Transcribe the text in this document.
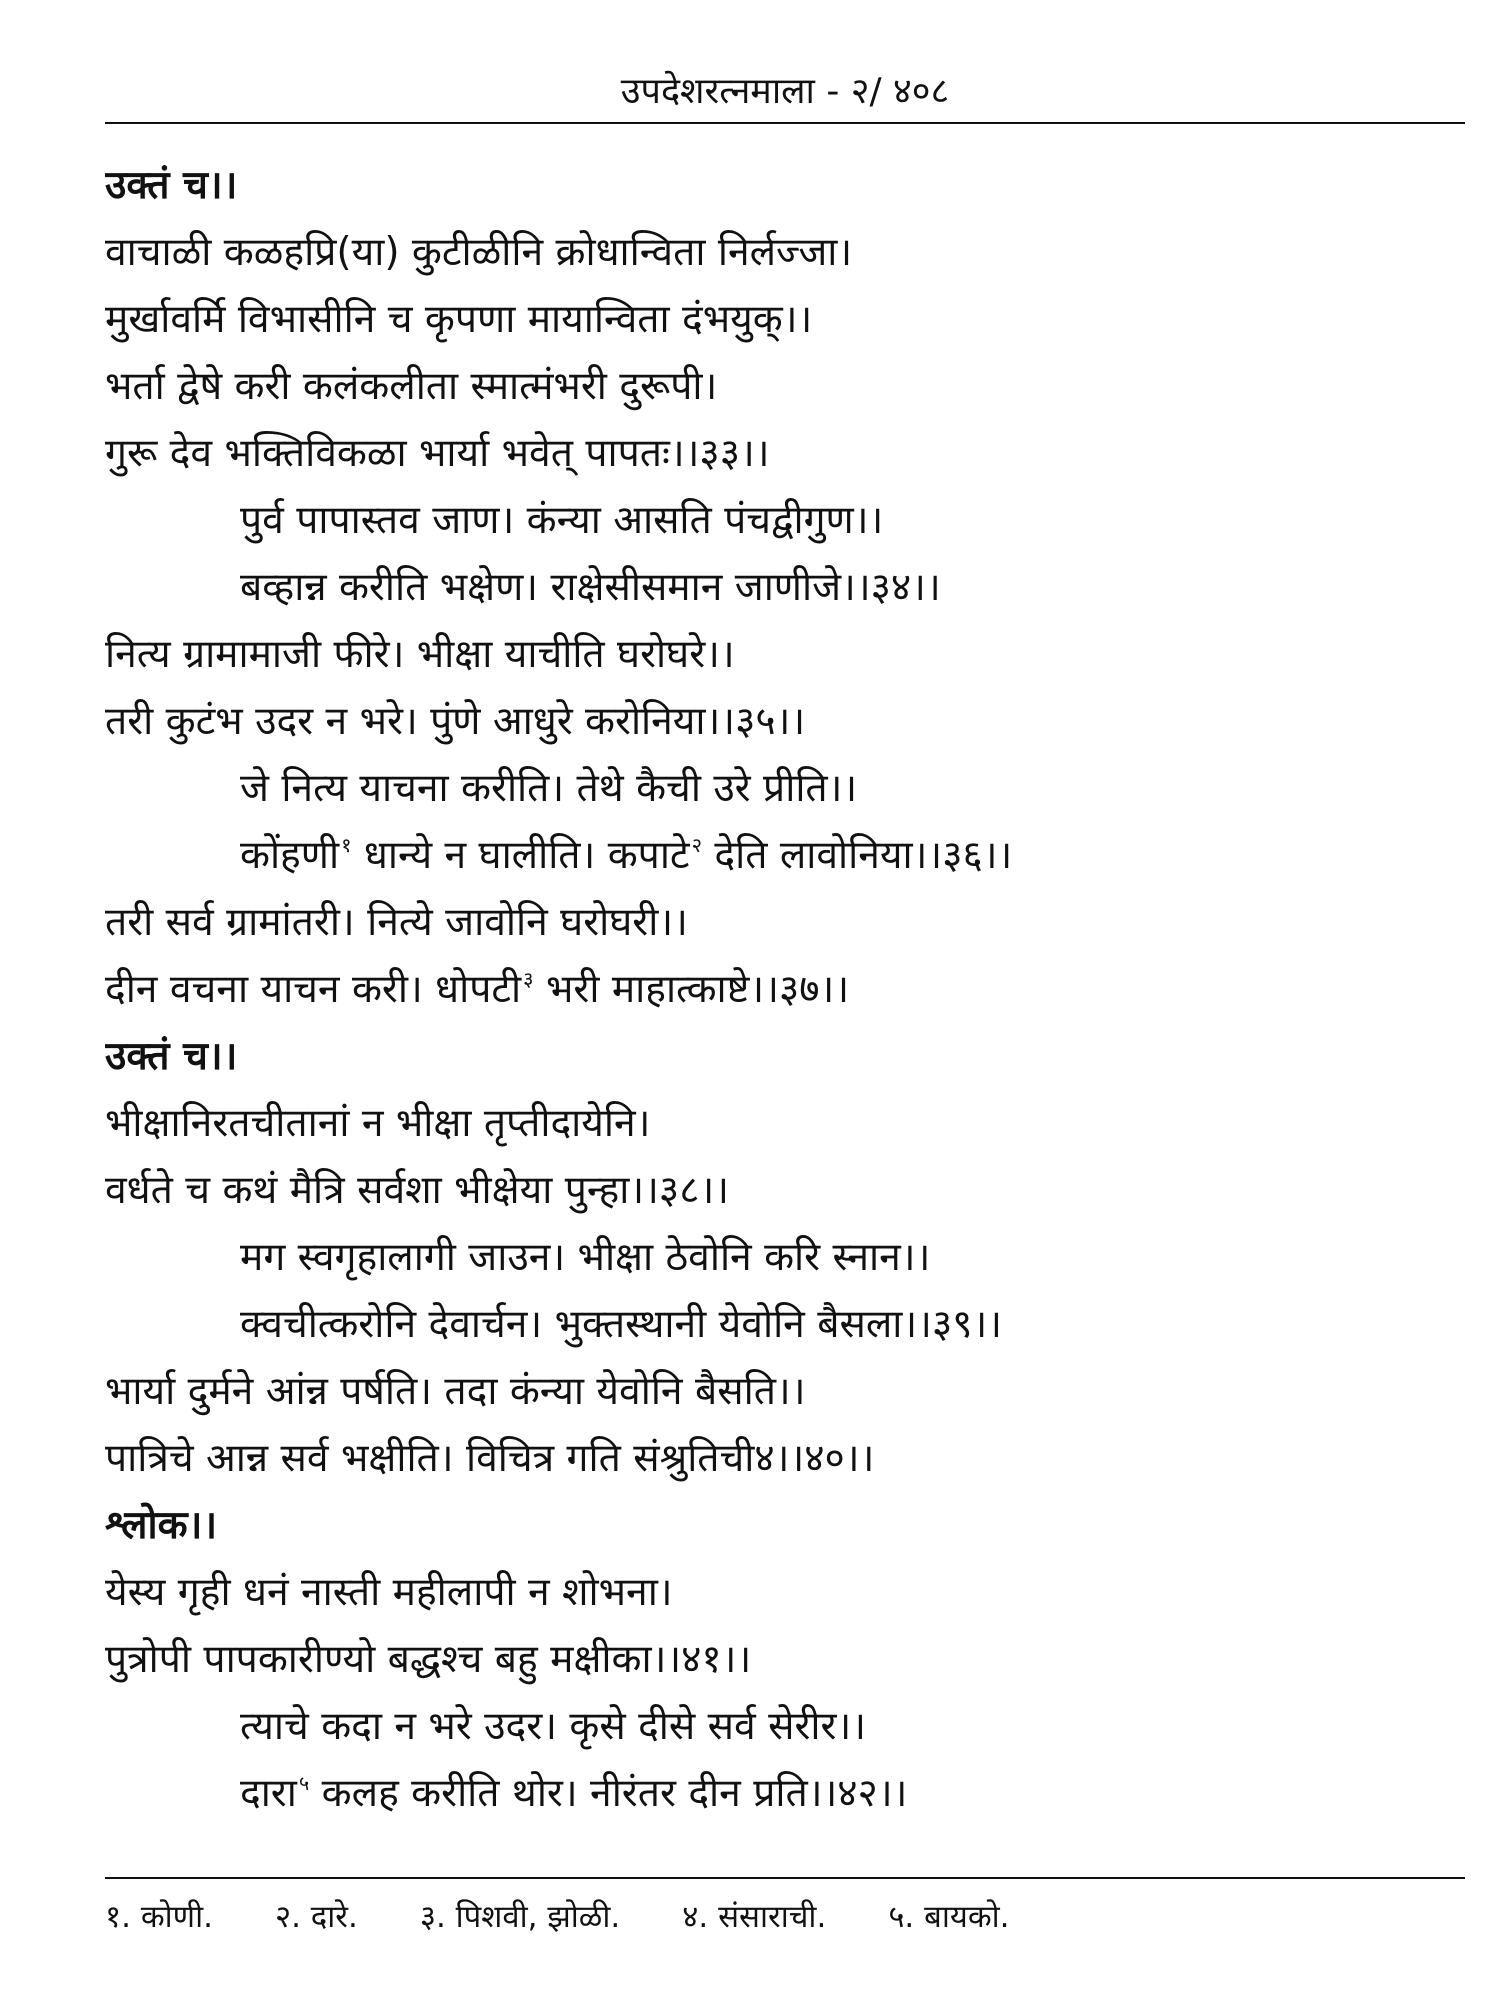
उपदेशरत्नमाला - २/ ४०८
उक्तं च।।
वाचाळी कळहप्रि(या) कुटीळीनि क्रोधान्विता निर्लज्जा।
मुर्खावर्मि विभासीनि च कृपणा मायान्विता दंभयुक्।।
भर्ता द्वेषे करी कलंकलीता स्मात्मंभरी दुरूपी।
गुरू देव भक्तिविकळा भार्या भवेत् पापतः।।३३।।
पुर्व पापास्तव जाण। कंन्या आसति पंचद्वीगुण।।
बव्हान्न करीति भक्षेण। राक्षेसीसमान जाणीजे।।३४।।
नित्य ग्रामामाजी फीरे। भीक्षा याचीति घरोघरे।।
तरी कुटंभ उदर न भरे। पुंणे आधुरे करोनिया।।३५।।
जे नित्य याचना करीति। तेथे कैची उरे प्रीति।।
कोंहणी $^१$ धान्ये न घालीति। कपाटे $^२$ देति लावोनिया।।३६।।
तरी सर्व ग्रामांतरी। नित्ये जावोनि घरोघरी।।
दीन वचना याचन करी। धोपटी $^३$ भरी माहात्काष्टे।।३७।।
उक्तं च।।
भीक्षानिरतचीतानां न भीक्षा तृप्तीदायेनि।
वर्धते च कथं मैत्रि सर्वशा भीक्षेया पुन्हा।।३८।।
मग स्वगृहालागी जाउन। भीक्षा ठेवोनि करि स्नान।।
क्वचीत्करोनि देवार्चन। भुक्तस्थानी येवोनि बैसला।।३९।।
भार्या दुर्मने आंन्न पर्षति। तदा कंन्या येवोनि बैसति।।
पात्रिचे आन्न सर्व भक्षीति। विचित्र गति संश्रुतिची४।।४०।।
श्लोक।।
येस्य गृही धनं नास्ती महीलापी न शोभना।
पुत्रोपी पापकारीण्यो बद्धश्च बहु मक्षीका।।४१।।
त्याचे कदा न भरे उदर। कृसे दीसे सर्व सेरीर।।
दारा $^५$ कलह करीति थोर। नीरंतर दीन प्रति।।४२।।
१. कोणी. २. दारे. ३. पिशवी, झोळी. ४. संसाराची. ५. बायको.
